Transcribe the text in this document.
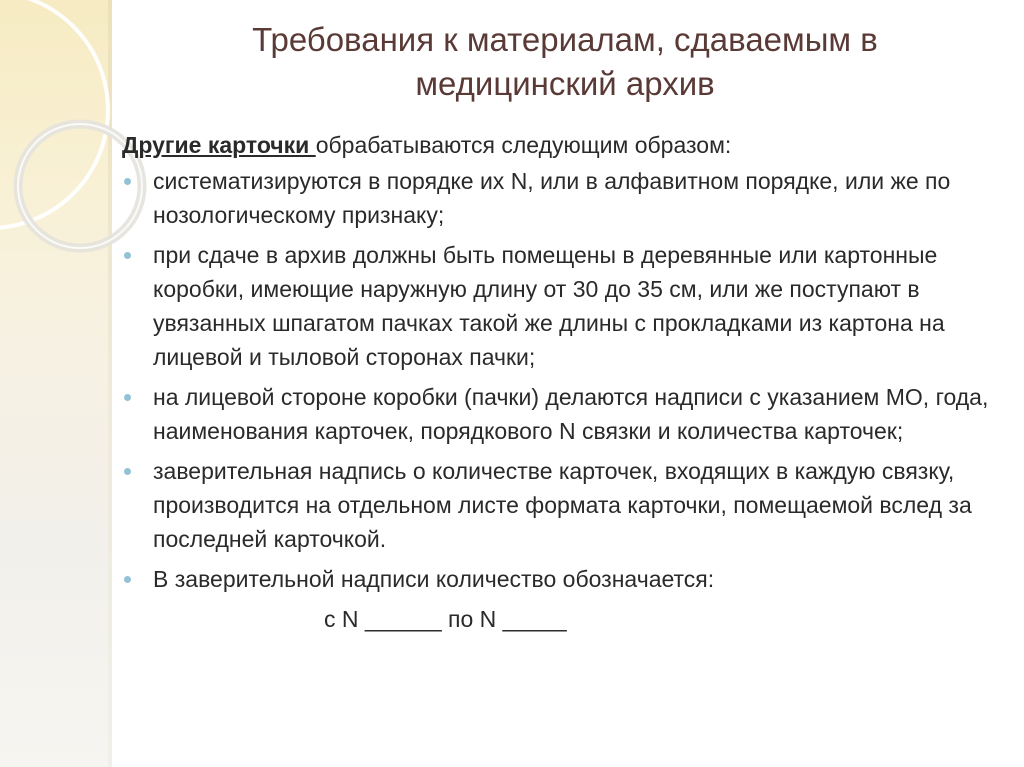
Требования к материалам, сдаваемым в
медицинский архив

Другие карточки обрабатываются следующим образом:

систематизируются в порядке их N, или в алфавитном порядке, или же по нозологическому признаку;
при сдаче в архив должны быть помещены в деревянные или картонные коробки, имеющие наружную длину от 30 до 35 см, или же поступают в увязанных шпагатом пачках такой же длины с прокладками из картона на лицевой и тыловой сторонах пачки;
на лицевой стороне коробки (пачки) делаются надписи с указанием МО, года, наименования карточек, порядкового N связки и количества карточек;
заверительная надпись о количестве карточек, входящих в каждую связку, производится на отдельном листе формата карточки, помещаемой вслед за последней карточкой.
В заверительной надписи количество обозначается:
с N ______ по N _____
